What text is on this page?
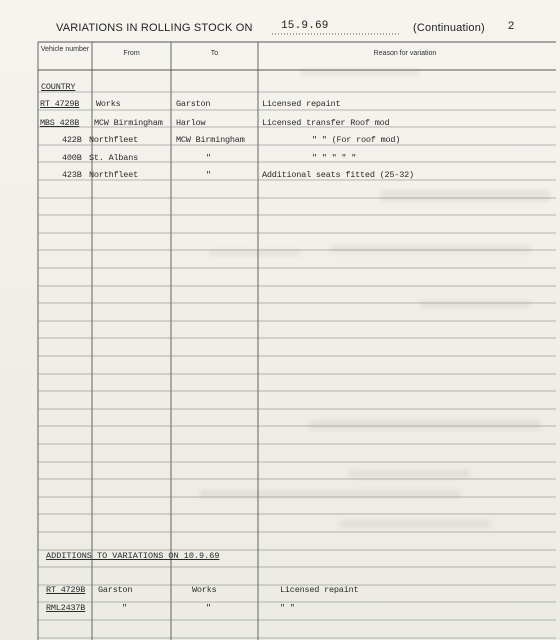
VARIATIONS IN ROLLING STOCK ON	15.9.69	(Continuation) 2
Vehicle number
From	To	Reason for variation
COUNTRY
RT 4729B Works	Garston	Licensed repaint
MBS 428B MCW Birmingham Harlow	Licensed transfer Roof mod
422B Northfleet	MCW Birmingham	" " (For roof mod)
400B St. Albans	"	" " " " "
423B Northfleet	"	Additional seats fitted (25-32)
ADDITIONS TO VARIATIONS ON 10.9.69
RT 4729B Garston	Works	Licensed repaint
RML2437B	"	"	" "
